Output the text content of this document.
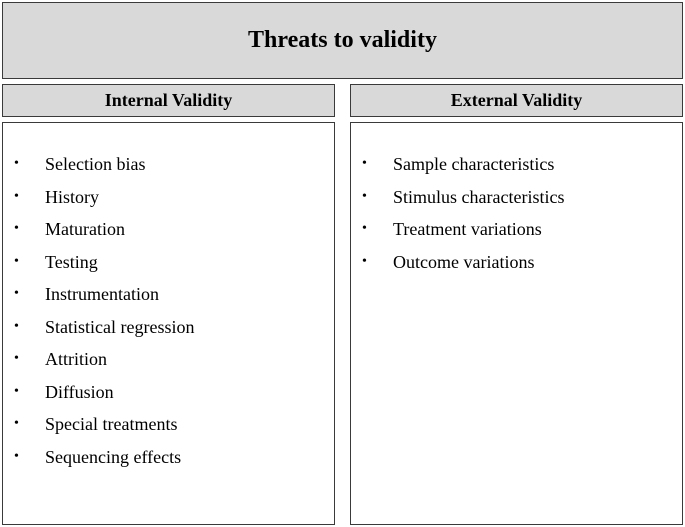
Threats to validity
Internal Validity	External Validity
• Selection bias
• History
• Maturation
• Testing
• Instrumentation
• Statistical regression
• Attrition
• Diffusion
• Special treatments
• Sequencing effects
• Sample characteristics
• Stimulus characteristics
• Treatment variations
• Outcome variations
